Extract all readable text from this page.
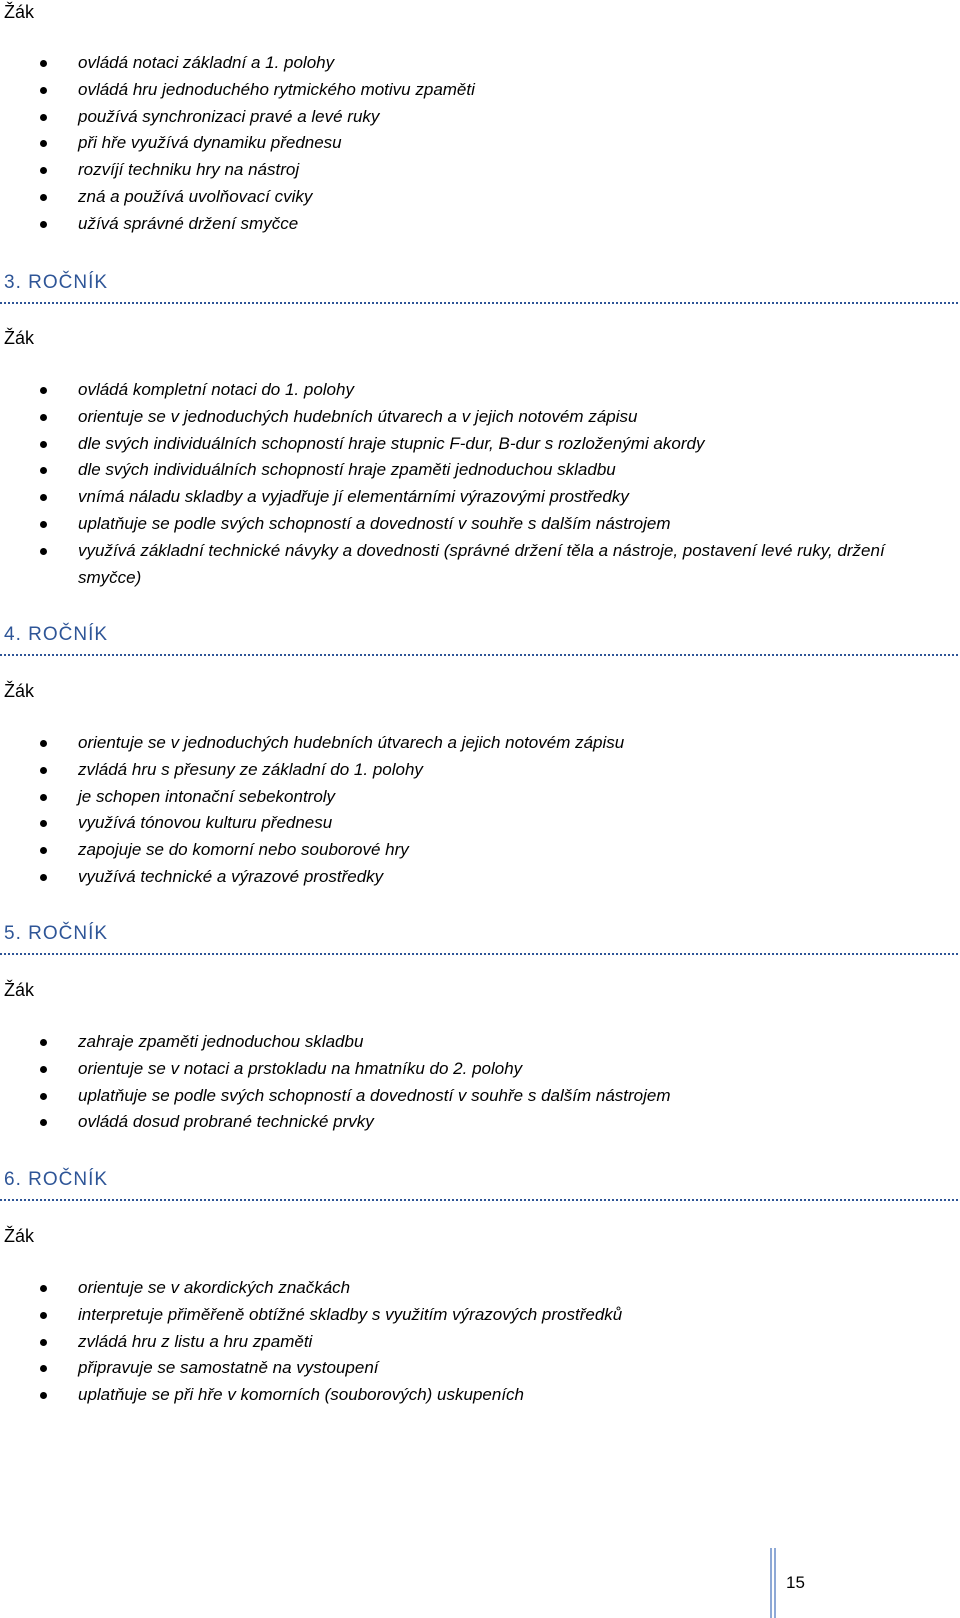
Žák

ovládá notaci základní a 1. polohy
ovládá hru jednoduchého rytmického motivu zpaměti
používá synchronizaci pravé a levé ruky
při hře využívá dynamiku přednesu
rozvíjí techniku hry na nástroj
zná a používá uvolňovací cviky
užívá správné držení smyčce
3. ROČNÍK

Žák

ovládá kompletní notaci do 1. polohy
orientuje se v jednoduchých hudebních útvarech a v jejich notovém zápisu
dle svých individuálních schopností hraje stupnic F-dur, B-dur s rozloženými akordy
dle svých individuálních schopností hraje zpaměti jednoduchou skladbu
vnímá náladu skladby a vyjadřuje jí elementárními výrazovými prostředky
uplatňuje se podle svých schopností a dovedností v souhře s dalším nástrojem
využívá základní technické návyky a dovednosti (správné držení těla a nástroje, postavení levé ruky, držení smyčce)
4. ROČNÍK

Žák

orientuje se v jednoduchých hudebních útvarech a jejich notovém zápisu
zvládá hru s přesuny ze základní do 1. polohy
je schopen intonační sebekontroly
využívá tónovou kulturu přednesu
zapojuje se do komorní nebo souborové hry
využívá technické a výrazové prostředky
5. ROČNÍK

Žák

zahraje zpaměti jednoduchou skladbu
orientuje se v notaci a prstokladu na hmatníku do 2. polohy
uplatňuje se podle svých schopností a dovedností v souhře s dalším nástrojem
ovládá dosud probrané technické prvky
6. ROČNÍK

Žák

orientuje se v akordických značkách
interpretuje přiměřeně obtížné skladby s využitím výrazových prostředků
zvládá hru z listu a hru zpaměti
připravuje se samostatně na vystoupení
uplatňuje se při hře v komorních (souborových) uskupeních
15
